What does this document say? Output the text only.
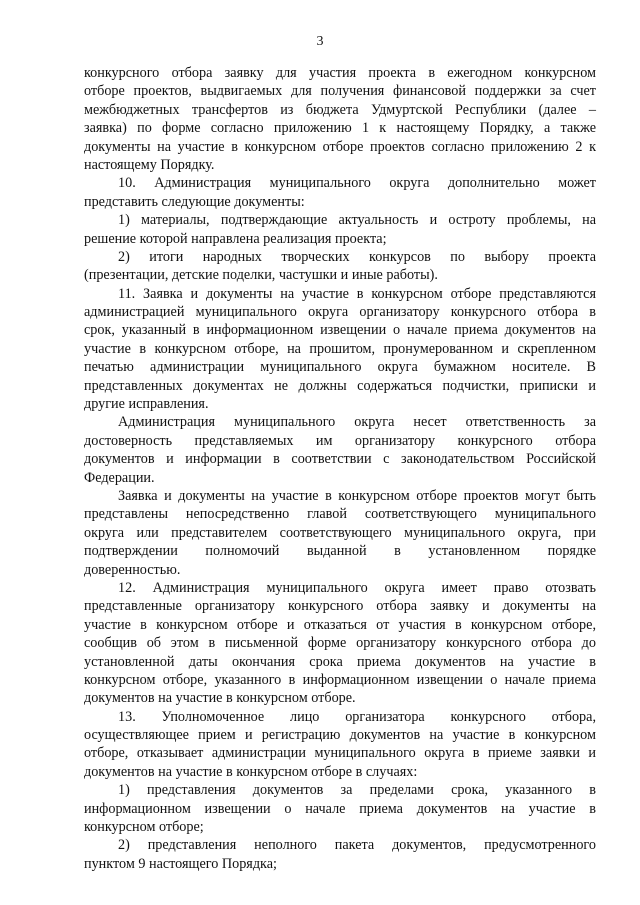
3
конкурсного отбора заявку для участия проекта в ежегодном конкурсном
отборе проектов, выдвигаемых для получения финансовой поддержки за счет
межбюджетных трансфертов из бюджета Удмуртской Республики (далее –
заявка) по форме согласно приложению 1 к настоящему Порядку, а также
документы на участие в конкурсном отборе проектов согласно приложению 2 к
настоящему Порядку.
10. Администрация муниципального округа дополнительно может
представить следующие документы:
1) материалы, подтверждающие актуальность и остроту проблемы, на
решение которой направлена реализация проекта;
2) итоги народных творческих конкурсов по выбору проекта
(презентации, детские поделки, частушки и иные работы).
11. Заявка и документы на участие в конкурсном отборе представляются
администрацией муниципального округа организатору конкурсного отбора в
срок, указанный в информационном извещении о начале приема документов на
участие в конкурсном отборе, на прошитом, пронумерованном и скрепленном
печатью администрации муниципального округа бумажном носителе. В
представленных документах не должны содержаться подчистки, приписки и
другие исправления.
Администрация муниципального округа несет ответственность за
достоверность представляемых им организатору конкурсного отбора
документов и информации в соответствии с законодательством Российской
Федерации.
Заявка и документы на участие в конкурсном отборе проектов могут быть
представлены непосредственно главой соответствующего муниципального
округа или представителем соответствующего муниципального округа, при
подтверждении полномочий выданной в установленном порядке
доверенностью.
12. Администрация муниципального округа имеет право отозвать
представленные организатору конкурсного отбора заявку и документы на
участие в конкурсном отборе и отказаться от участия в конкурсном отборе,
сообщив об этом в письменной форме организатору конкурсного отбора до
установленной даты окончания срока приема документов на участие в
конкурсном отборе, указанного в информационном извещении о начале приема
документов на участие в конкурсном отборе.
13. Уполномоченное лицо организатора конкурсного отбора,
осуществляющее прием и регистрацию документов на участие в конкурсном
отборе, отказывает администрации муниципального округа в приеме заявки и
документов на участие в конкурсном отборе в случаях:
1) представления документов за пределами срока, указанного в
информационном извещении о начале приема документов на участие в
конкурсном отборе;
2) представления неполного пакета документов, предусмотренного
пунктом 9 настоящего Порядка;
